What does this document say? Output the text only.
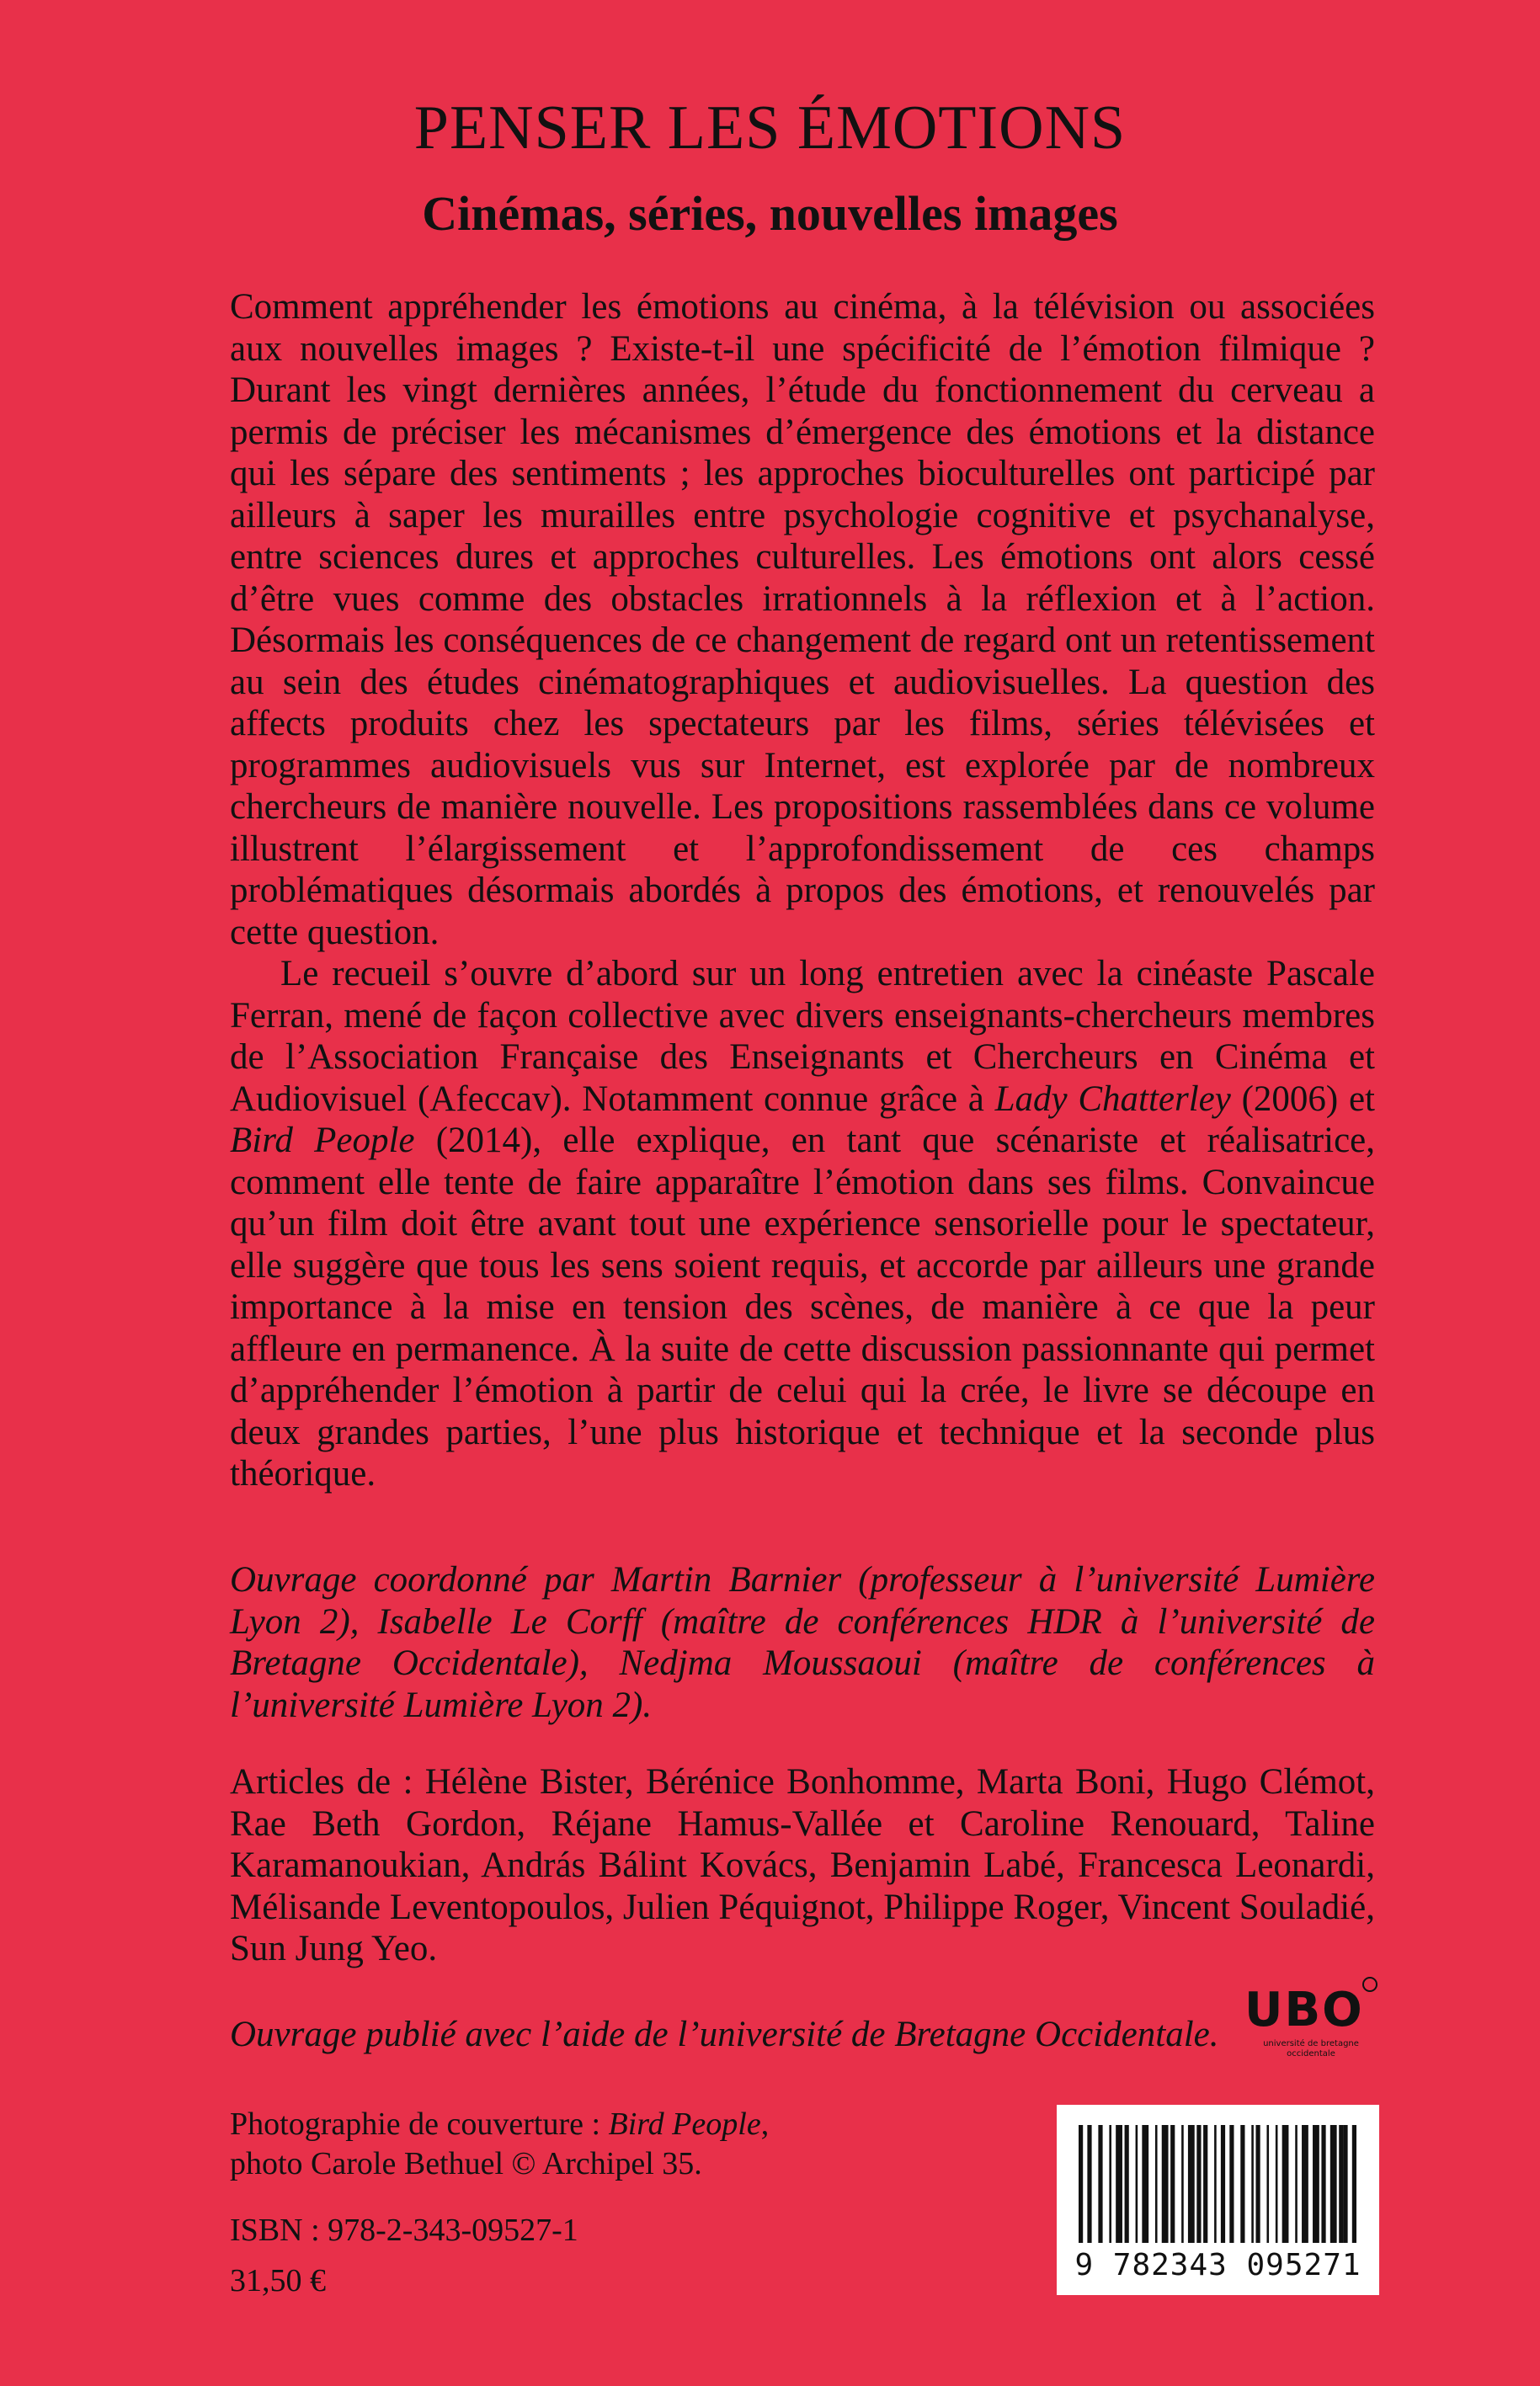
PENSER LES ÉMOTIONS
Cinémas, séries, nouvelles images

Comment appréhender les émotions au cinéma, à la télévision ou associées aux nouvelles images ? Existe-t-il une spécificité de l’émotion filmique ? Durant les vingt dernières années, l’étude du fonctionnement du cerveau a permis de préciser les mécanismes d’émergence des émotions et la distance qui les sépare des sentiments ; les approches bioculturelles ont participé par ailleurs à saper les murailles entre psychologie cognitive et psychanalyse, entre sciences dures et approches culturelles. Les émotions ont alors cessé d’être vues comme des obstacles irrationnels à la réflexion et à l’action. Désormais les conséquences de ce changement de regard ont un retentissement au sein des études cinématographiques et audiovisuelles. La question des affects produits chez les spectateurs par les films, séries télévisées et programmes audiovisuels vus sur Internet, est explorée par de nombreux chercheurs de manière nouvelle. Les propositions rassemblées dans ce volume illustrent l’élargissement et l’approfondissement de ces champs problématiques désormais abordés à propos des émotions, et renouvelés par cette question.

Le recueil s’ouvre d’abord sur un long entretien avec la cinéaste Pascale Ferran, mené de façon collective avec divers enseignants-chercheurs membres de l’Association Française des Enseignants et Chercheurs en Cinéma et Audiovisuel (Afeccav). Notamment connue grâce à Lady Chatterley (2006) et Bird People (2014), elle explique, en tant que scénariste et réalisatrice, comment elle tente de faire apparaître l’émotion dans ses films. Convaincue qu’un film doit être avant tout une expérience sensorielle pour le spectateur, elle suggère que tous les sens soient requis, et accorde par ailleurs une grande importance à la mise en tension des scènes, de manière à ce que la peur affleure en permanence. À la suite de cette discussion passionnante qui permet d’appréhender l’émotion à partir de celui qui la crée, le livre se découpe en deux grandes parties, l’une plus historique et technique et la seconde plus théorique.

Ouvrage coordonné par Martin Barnier (professeur à l’université Lumière Lyon 2), Isabelle Le Corff (maître de conférences HDR à l’université de Bretagne Occidentale), Nedjma Moussaoui (maître de conférences à l’université Lumière Lyon 2).

Articles de : Hélène Bister, Bérénice Bonhomme, Marta Boni, Hugo Clémot, Rae Beth Gordon, Réjane Hamus-Vallée et Caroline Renouard, Taline Karamanoukian, András Bálint Kovács, Benjamin Labé, Francesca Leonardi, Mélisande Leventopoulos, Julien Péquignot, Philippe Roger, Vincent Souladié, Sun Jung Yeo.

Ouvrage publié avec l’aide de l’université de Bretagne Occidentale. UBO
université de bretagne occidentale

Photographie de couverture : Bird People,
photo Carole Bethuel © Archipel 35.

ISBN : 978-2-343-09527-1

31,50 €	9 782343 095271
